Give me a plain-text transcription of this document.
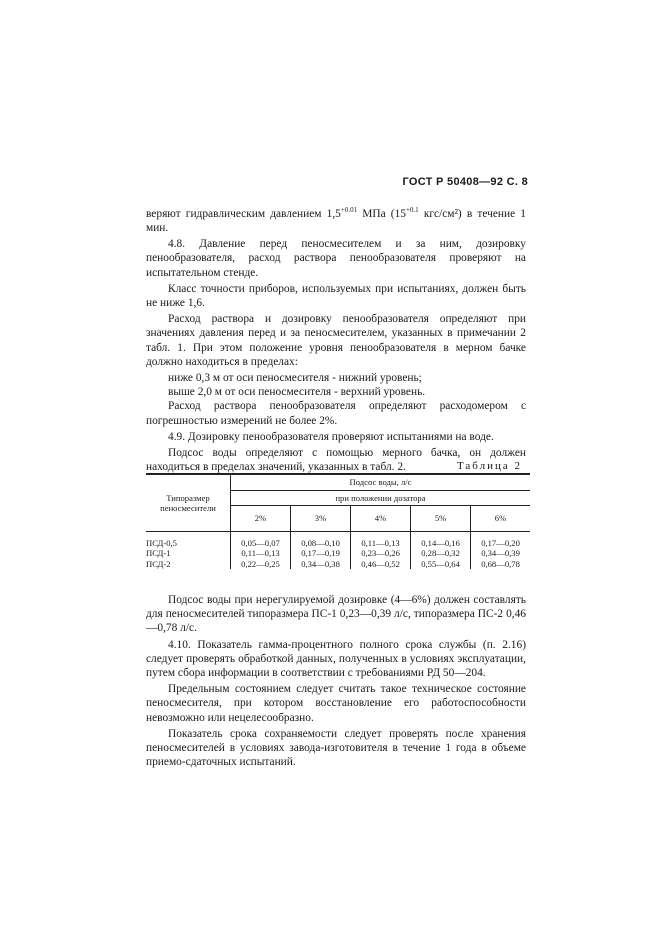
ГОСТ Р 50408—92 С. 8

веряют гидравлическим давлением $1,5^{+0.01}$ МПа ($15^{+0.1}$ кгс/см²) в течение 1 мин.

4.8. Давление перед пеносмесителем и за ним, дозировку пенообразователя, расход раствора пенообразователя проверяют на испытательном стенде.

Класс точности приборов, используемых при испытаниях, должен быть не ниже 1,6.

Расход раствора и дозировку пенообразователя определяют при значениях давления перед и за пеносмесителем, указанных в примечании 2 табл. 1. При этом положение уровня пенообразователя в мерном бачке должно находиться в пределах:

ниже 0,3 м от оси пеносмесителя - нижний уровень;

выше 2,0 м от оси пеносмесителя - верхний уровень.

Расход раствора пенообразователя определяют расходомером с погрешностью измерений не более 2%.

4.9. Дозировку пенообразователя проверяют испытаниями на воде.

Подсос воды определяют с помощью мерного бачка, он должен находиться в пределах значений, указанных в табл. 2.	Таблица 2
Типоразмер пеносмесители	Подсос воды, л/с				
	при положении дозатора				
	2%	3%	4%	5%	6%

ПСД-0,5	0,05—0,07	0,08—0,10	0,11—0,13	0,14—0,16	0,17—0,20
ПСД-1	0,11—0,13	0,17—0,19	0,23—0,26	0,28—0,32	0,34—0,39
ПСД-2	0,22—0,25	0,34—0,38	0,46—0,52	0,55—0,64	0,68—0,78

Подсос воды при нерегулируемой дозировке (4—6%) должен составлять для пеносмесителей типоразмера ПС-1 0,23—0,39 л/с, типоразмера ПС-2 0,46—0,78 л/с.

4.10. Показатель гамма-процентного полного срока службы (п. 2.16) следует проверять обработкой данных, полученных в условиях эксплуатации, путем сбора информации в соответствии с требованиями РД 50—204.

Предельным состоянием следует считать такое техническое состояние пеносмесителя, при котором восстановление его работоспособности невозможно или нецелесообразно.

Показатель срока сохраняемости следует проверять после хранения пеносмесителей в условиях завода-изготовителя в течение 1 года в объеме приемо-сдаточных испытаний.
